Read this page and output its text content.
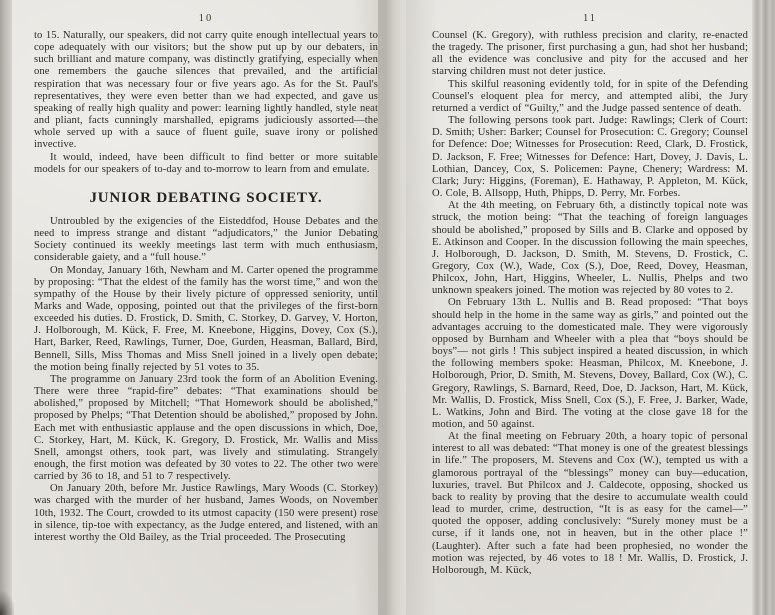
10

to 15. Naturally, our speakers, did not carry quite enough intellectual years to cope adequately with our visitors; but the show put up by our debaters, in such brilliant and mature company, was distinctly gratifying, especially when one remembers the gauche silences that prevailed, and the artificial respiration that was necessary four or five years ago. As for the St. Paul's representatives, they were even better than we had expected, and gave us speaking of really high quality and power: learning lightly handled, style neat and pliant, facts cunningly marshalled, epigrams judiciously assorted—the whole served up with a sauce of fluent guile, suave irony or polished invective.

It would, indeed, have been difficult to find better or more suitable models for our speakers of to-day and to-morrow to learn from and emulate.

JUNIOR DEBATING SOCIETY.

Untroubled by the exigencies of the Eisteddfod, House Debates and the need to impress strange and distant “adjudicators,” the Junior Debating Society continued its weekly meetings last term with much enthusiasm, considerable gaiety, and a “full house.”

On Monday, January 16th, Newham and M. Carter opened the programme by proposing: “That the eldest of the family has the worst time,” and won the sympathy of the House by their lively picture of oppressed seniority, until Marks and Wade, opposing, pointed out that the privileges of the first-born exceeded his duties. D. Frostick, D. Smith, C. Storkey, D. Garvey, V. Horton, J. Holborough, M. Kück, F. Free, M. Kneebone, Higgins, Dovey, Cox (S.), Hart, Barker, Reed, Rawlings, Turner, Doe, Gurden, Heasman, Ballard, Bird, Bennell, Sills, Miss Thomas and Miss Snell joined in a lively open debate; the motion being finally rejected by 51 votes to 35.

The programme on January 23rd took the form of an Abolition Evening. There were three “rapid-fire” debates: “That examinations should be abolished,” proposed by Mitchell; “That Homework should be abolished,” proposed by Phelps; “That Detention should be abolished,” proposed by John. Each met with enthusiastic applause and the open discussions in which, Doe, C. Storkey, Hart, M. Kück, K. Gregory, D. Frostick, Mr. Wallis and Miss Snell, amongst others, took part, was lively and stimulating. Strangely enough, the first motion was defeated by 30 votes to 22. The other two were carried by 36 to 18, and 51 to 7 respectively.

On January 20th, before Mr. Justice Rawlings, Mary Woods (C. Storkey) was charged with the murder of her husband, James Woods, on November 10th, 1932. The Court, crowded to its utmost capacity (150 were present) rose in silence, tip-toe with expectancy, as the Judge entered, and listened, with an interest worthy the Old Bailey, as the Trial proceeded. The Prosecuting

11

Counsel (K. Gregory), with ruthless precision and clarity, re-enacted the tragedy. The prisoner, first purchasing a gun, had shot her husband; all the evidence was conclusive and pity for the accused and her starving children must not deter justice.

This skilful reasoning evidently told, for in spite of the Defending Counsel's eloquent plea for mercy, and attempted alibi, the Jury returned a verdict of “Guilty,” and the Judge passed sentence of death.

The following persons took part. Judge: Rawlings; Clerk of Court: D. Smith; Usher: Barker; Counsel for Prosecution: C. Gregory; Counsel for Defence: Doe; Witnesses for Prosecution: Reed, Clark, D. Frostick, D. Jackson, F. Free; Witnesses for Defence: Hart, Dovey, J. Davis, L. Lothian, Dancey, Cox, S. Policemen: Payne, Chenery; Wardress: M. Clark; Jury: Higgins, (Foreman), E. Hathaway, P. Appleton, M. Kück, O. Cole, B. Allsopp, Huth, Phipps, D. Perry, Mr. Forbes.

At the 4th meeting, on February 6th, a distinctly topical note was struck, the motion being: “That the teaching of foreign languages should be abolished,” proposed by Sills and B. Clarke and opposed by E. Atkinson and Cooper. In the discussion following the main speeches, J. Holborough, D. Jackson, D. Smith, M. Stevens, D. Frostick, C. Gregory, Cox (W.), Wade, Cox (S.), Doe, Reed, Dovey, Heasman, Philcox, John, Hart, Higgins, Wheeler, L. Nullis, Phelps and two unknown speakers joined. The motion was rejected by 80 votes to 2.

On February 13th L. Nullis and B. Read proposed: “That boys should help in the home in the same way as girls,” and pointed out the advantages accruing to the domesticated male. They were vigorously opposed by Burnham and Wheeler with a plea that “boys should be boys”— not girls ! This subject inspired a heated discussion, in which the following members spoke: Heasman, Philcox, M. Kneebone, J. Holborough, Prior, D. Smith, M. Stevens, Dovey, Ballard, Cox (W.), C. Gregory, Rawlings, S. Barnard, Reed, Doe, D. Jackson, Hart, M. Kück, Mr. Wallis, D. Frostick, Miss Snell, Cox (S.), F. Free, J. Barker, Wade, L. Watkins, John and Bird. The voting at the close gave 18 for the motion, and 50 against.

At the final meeting on February 20th, a hoary topic of personal interest to all was debated: “That money is one of the greatest blessings in life.” The proposers, M. Stevens and Cox (W.), tempted us with a glamorous portrayal of the “blessings” money can buy—education, luxuries, travel. But Philcox and J. Caldecote, opposing, shocked us back to reality by proving that the desire to accumulate wealth could lead to murder, crime, destruction, “It is as easy for the camel—” quoted the opposer, adding conclusively: “Surely money must be a curse, if it lands one, not in heaven, but in the other place !” (Laughter). After such a fate had been prophesied, no wonder the motion was rejected, by 46 votes to 18 ! Mr. Wallis, D. Frostick, J. Holborough, M. Kück,
